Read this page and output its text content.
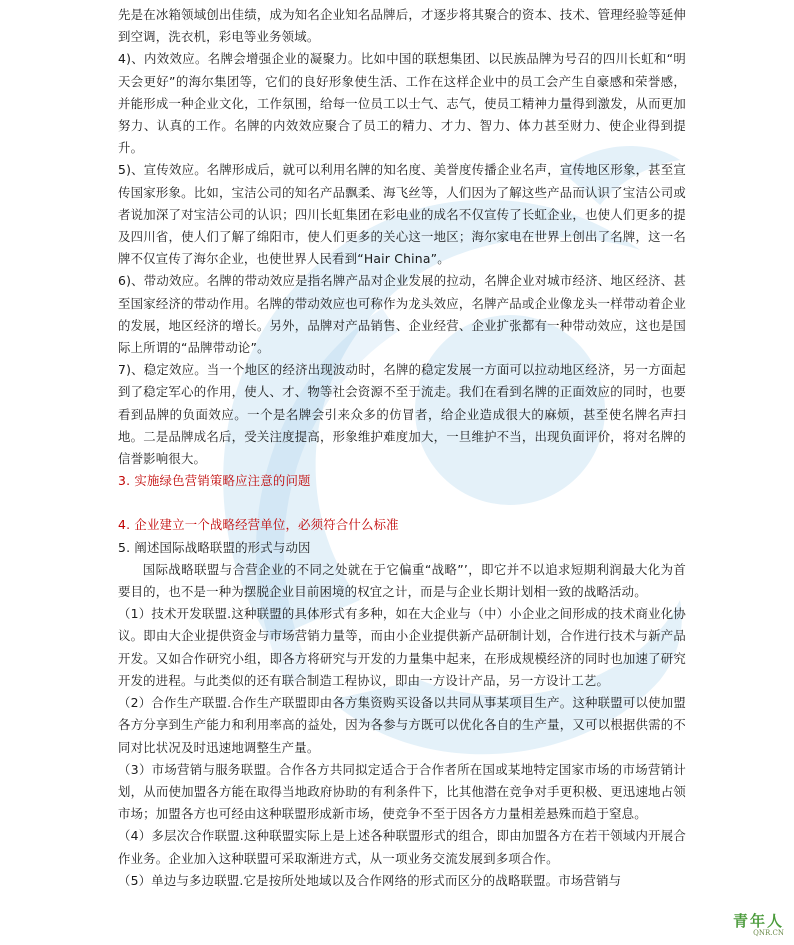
先是在冰箱领域创出佳绩，成为知名企业知名品牌后，才逐步将其聚合的资本、技术、管理经验等延伸到空调，洗衣机，彩电等业务领域。

4)、内效效应。名牌会增强企业的凝聚力。比如中国的联想集团、以民族品牌为号召的四川长虹和“明天会更好”的海尔集团等，它们的良好形象使生活、工作在这样企业中的员工会产生自豪感和荣誉感，并能形成一种企业文化，工作氛围，给每一位员工以士气、志气，使员工精神力量得到激发，从而更加努力、认真的工作。名牌的内效效应聚合了员工的精力、才力、智力、体力甚至财力、使企业得到提升。

5)、宣传效应。名牌形成后，就可以利用名牌的知名度、美誉度传播企业名声，宣传地区形象，甚至宣传国家形象。比如，宝洁公司的知名产品飘柔、海飞丝等，人们因为了解这些产品而认识了宝洁公司或者说加深了对宝洁公司的认识；四川长虹集团在彩电业的成名不仅宣传了长虹企业，也使人们更多的提及四川省，使人们了解了绵阳市，使人们更多的关心这一地区；海尔家电在世界上创出了名牌，这一名牌不仅宣传了海尔企业，也使世界人民看到“Hair China”。

6)、带动效应。名牌的带动效应是指名牌产品对企业发展的拉动，名牌企业对城市经济、地区经济、甚至国家经济的带动作用。名牌的带动效应也可称作为龙头效应，名牌产品或企业像龙头一样带动着企业的发展，地区经济的增长。另外，品牌对产品销售、企业经营、企业扩张都有一种带动效应，这也是国际上所谓的“品牌带动论”。

7)、稳定效应。当一个地区的经济出现波动时，名牌的稳定发展一方面可以拉动地区经济，另一方面起到了稳定军心的作用，使人、才、物等社会资源不至于流走。我们在看到名牌的正面效应的同时，也要看到品牌的负面效应。一个是名牌会引来众多的仿冒者，给企业造成很大的麻烦，甚至使名牌名声扫地。二是品牌成名后，受关注度提高，形象维护难度加大，一旦维护不当，出现负面评价，将对名牌的信誉影响很大。

3. 实施绿色营销策略应注意的问题

4. 企业建立一个战略经营单位，必须符合什么标准

5. 阐述国际战略联盟的形式与动因

国际战略联盟与合营企业的不同之处就在于它偏重“战略”’，即它并不以追求短期利润最大化为首要目的，也不是一种为摆脱企业目前困境的权宜之计，而是与企业长期计划相一致的战略活动。

（1）技术开发联盟.这种联盟的具体形式有多种，如在大企业与（中）小企业之间形成的技术商业化协议。即由大企业提供资金与市场营销力量等，而由小企业提供新产品研制计划，合作进行技术与新产品开发。又如合作研究小组，即各方将研究与开发的力量集中起来，在形成规模经济的同时也加速了研究开发的进程。与此类似的还有联合制造工程协议，即由一方设计产品，另一方设计工艺。

（2）合作生产联盟.合作生产联盟即由各方集资购买设备以共同从事某项目生产。这种联盟可以使加盟各方分享到生产能力和利用率高的益处，因为各参与方既可以优化各自的生产量，又可以根据供需的不同对比状况及时迅速地调整生产量。

（3）市场营销与服务联盟。合作各方共同拟定适合于合作者所在国或某地特定国家市场的市场营销计划，从而使加盟各方能在取得当地政府协助的有利条件下，比其他潜在竞争对手更积极、更迅速地占领市场；加盟各方也可经由这种联盟形成新市场，使竞争不至于因各方力量相差悬殊而趋于窒息。

（4）多层次合作联盟.这种联盟实际上是上述各种联盟形式的组合，即由加盟各方在若干领域内开展合作业务。企业加入这种联盟可采取渐进方式，从一项业务交流发展到多项合作。

（5）单边与多边联盟.它是按所处地域以及合作网络的形式而区分的战略联盟。市场营销与

青年人
QNR.CN
